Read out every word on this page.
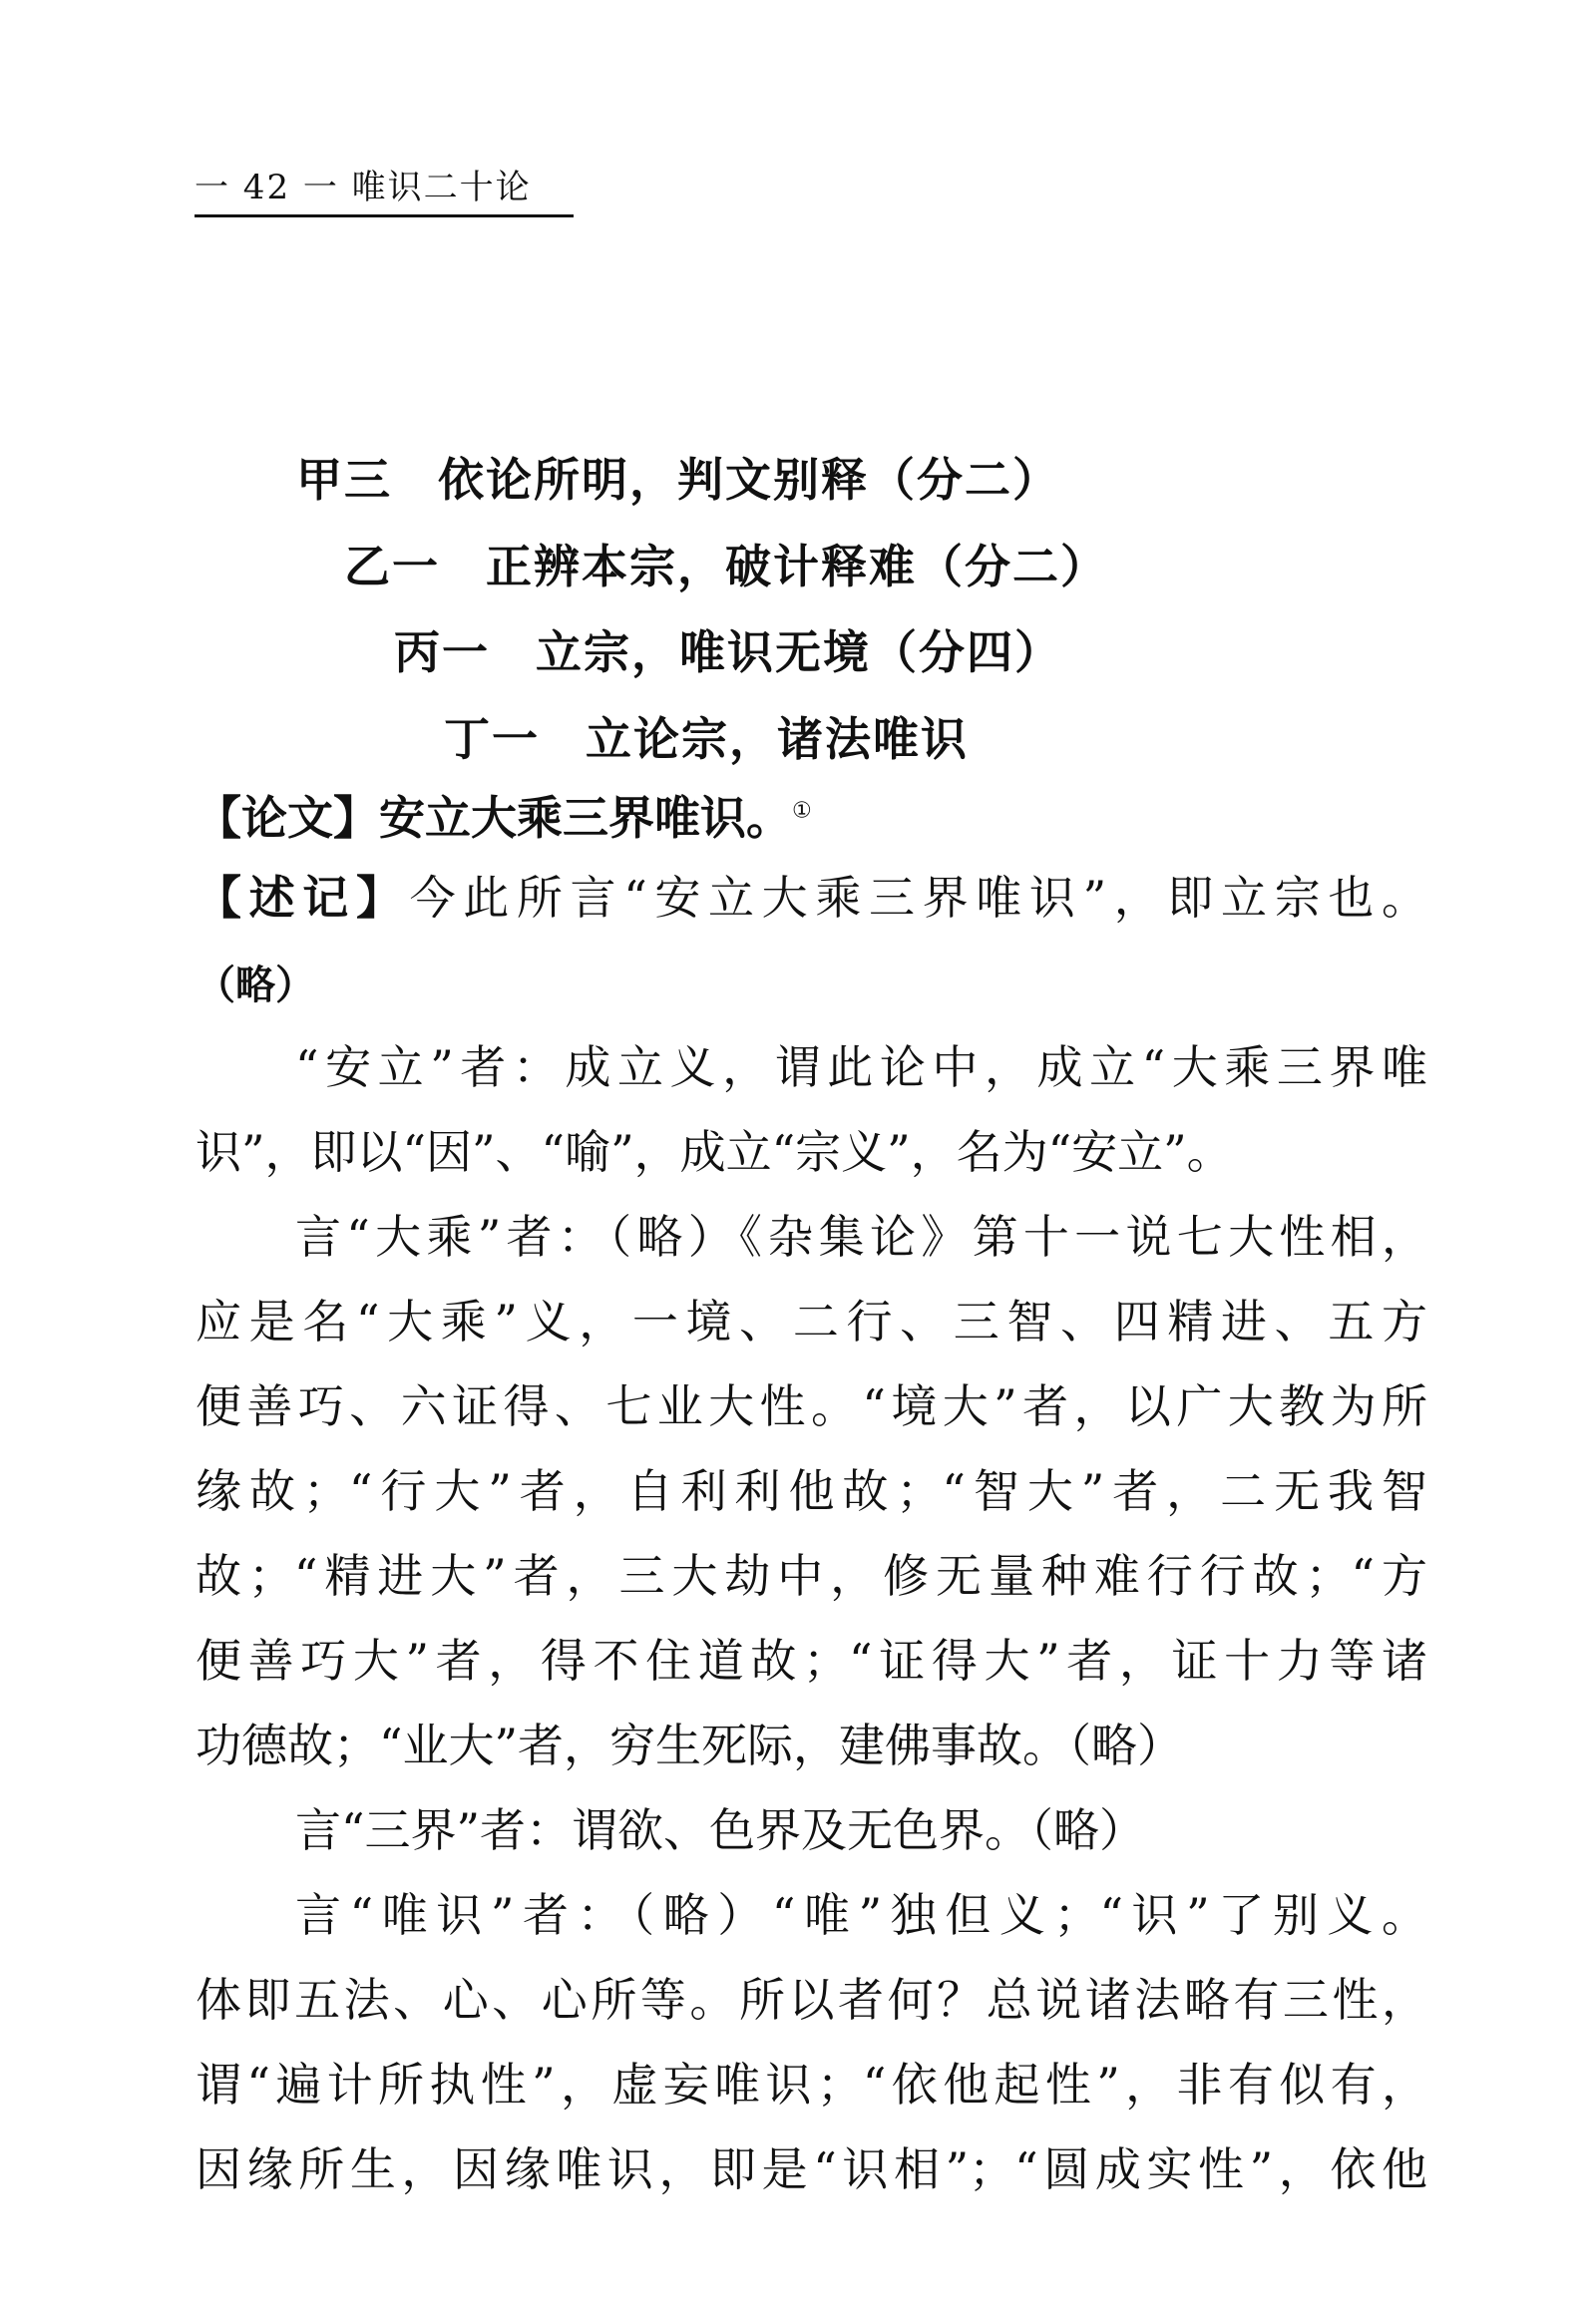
一 42 一 唯识二十论
甲三 依论所明，判文别释（分二）
乙一 正辨本宗，破计释难（分二）
丙一 立宗，唯识无境（分四）
丁一 立论宗，诸法唯识
【论文】安立大乘三界唯识。①
【述记】今此所言“安立大乘三界唯识”，即立宗也。
（略）
“安立”者：成立义，谓此论中，成立“大乘三界唯
识”，即以“因”、“喻”，成立“宗义”，名为“安立”。
言“大乘”者：（略）《杂集论》第十一说七大性相，
应是名“大乘”义，一境、二行、三智、四精进、五方
便善巧、六证得、七业大性。“境大”者，以广大教为所
缘故；“行大”者，自利利他故；“智大”者，二无我智
故；“精进大”者，三大劫中，修无量种难行行故；“方
便善巧大”者，得不住道故；“证得大”者，证十力等诸
功德故；“业大”者，穷生死际，建佛事故。（略）
言“三界”者：谓欲、色界及无色界。（略）
言“唯识”者：（略）“唯”独但义；“识”了别义。
体即五法、心、心所等。所以者何？总说诸法略有三性，
谓“遍计所执性”，虚妄唯识；“依他起性”，非有似有，
因缘所生，因缘唯识，即是“识相”；“圆成实性”，依他
